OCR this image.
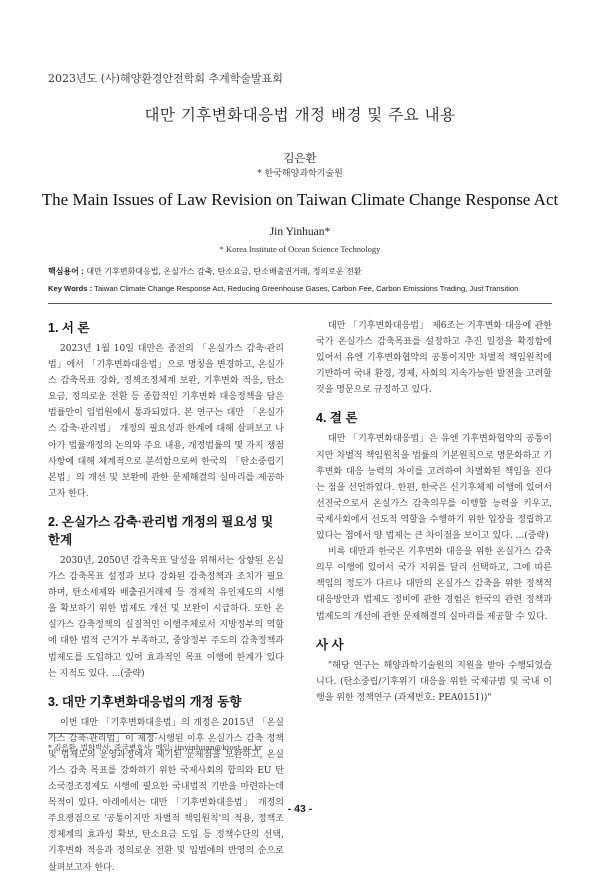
2023년도 (사)해양환경안전학회 추계학술발표회
대만 기후변화대응법 개정 배경 및 주요 내용
김은환
* 한국해양과학기술원
The Main Issues of Law Revision on Taiwan Climate Change Response Act
Jin Yinhuan*
* Korea Institute of Ocean Science Technology
핵심용어 : 대만 기후변화대응법, 온실가스 감축, 탄소요금, 탄소배출권거래, 정의로운 전환
Key Words : Taiwan Climate Change Response Act, Reducing Greenhouse Gases, Carbon Fee, Carbon Emissions Trading, Just Transition
1. 서 론

2023년 1월 10일 대만은 종전의 「온실가스 감축·관리법」에서 「기후변화대응법」으로 명칭을 변경하고, 온실가스 감축목표 강화, 정책조정체계 보완, 기후변화 적응, 탄소요금, 정의로운 전환 등 종합적인 기후변화 대응정책을 담은 법률안이 입법원에서 통과되었다. 본 연구는 대만 「온실가스 감축·관리법」 개정의 필요성과 한계에 대해 살펴보고 나아가 법률개정의 논의와 주요 내용, 개정법률의 몇 가지 쟁점사항에 대해 체계적으로 분석함으로써 한국의 「탄소중립기본법」의 개선 및 보완에 관한 문제해결의 실마리를 제공하고자 한다.

2. 온실가스 감축·관리법 개정의 필요성 및 한계

2030년, 2050년 감축목표 달성을 위해서는 상향된 온실가스 감축목표 설정과 보다 강화된 감축정책과 조치가 필요하며, 탄소세제와 배출권거래제 등 경제적 유인제도의 시행을 확보하기 위한 법제도 개선 및 보완이 시급하다. 또한 온실가스 감축정책의 실질적인 이행주체로서 지방정부의 역할에 대한 법적 근거가 부족하고, 중앙정부 주도의 감축정책과 법제도를 도입하고 있어 효과적인 목표 이행에 한계가 있다는 지적도 있다. ...(중략)

3. 대만 기후변화대응법의 개정 동향

이번 대만 「기후변화대응법」의 개정은 2015년 「온실가스 감축·관리법」이 제정·시행된 이후 온실가스 감축 정책 및 법제도의 운영과정에서 제기된 문제점을 보완하고, 온실가스 감축 목표를 강화하기 위한 국제사회의 합의와 EU 탄소국경조정제도 시행에 필요한 국내법적 기반을 마련하는데 목적이 있다. 아래에서는 대만 「기후변화대응법」 개정의 주요쟁점으로 '공통이지만 차별적 책임원칙'의 적용, 정책조정체계의 효과성 확보, 탄소요금 도입 등 정책수단의 선택, 기후변화 적응과 정의로운 전환 및 입법에의 반영의 순으로 살펴보고자 한다.

대만 「기후변화대응법」 제6조는 기후변화 대응에 관한 국가 온실가스 감축목표를 설정하고 추진 일정을 확정함에 있어서 유엔 기후변화협약의 공통이지만 차별적 책임원칙에 기반하여 국내 환경, 경제, 사회의 지속가능한 발전을 고려할 것을 명문으로 규정하고 있다.

4. 결 론

대만 「기후변화대응법」은 유엔 기후변화협약의 공통이지만 차별적 책임원칙을 법률의 기본원칙으로 명문화하고 기후변화 대응 능력의 차이를 고려하여 차별화된 책임을 진다는 점을 선언하였다. 한편, 한국은 신기후체제 이행에 있어서 선진국으로서 온실가스 감축의무를 이행할 능력을 키우고, 국제사회에서 선도적 역할을 수행하기 위한 입장을 정립하고 있다는 점에서 양 법제는 큰 차이점을 보이고 있다. ...(중략)

비록 대만과 한국은 기후변화 대응을 위한 온실가스 감축의무 이행에 있어서 국가 지위를 달리 선택하고, 그에 따른 책임의 정도가 다르나 대만의 온실가스 감축을 위한 정책적 대응방안과 법제도 정비에 관한 경험은 한국의 관련 정책과 법제도의 개선에 관한 문제해결의 실마리를 제공할 수 있다.

사 사

"해당 연구는 해양과학기술원의 지원을 받아 수행되었습니다. (탄소중립/기후위기 대응을 위한 국제규범 및 국내 이행을 위한 정책연구 (과제번호: PEA0151))"

* 김은환, 법학박사, 중국변호사, 메일: jinyinhuan@kiost.ac.kr
- 43 -
